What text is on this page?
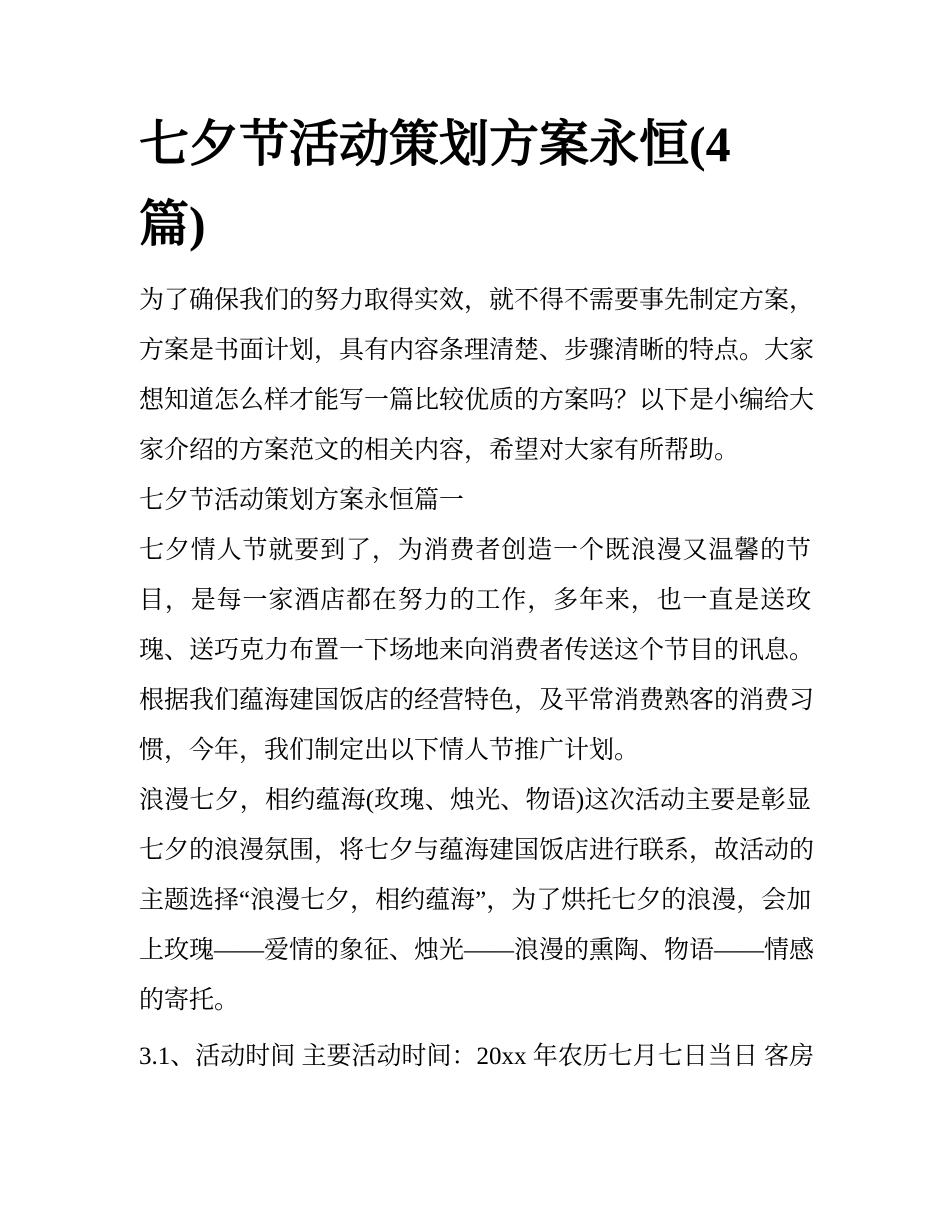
七夕节活动策划方案永恒(4
篇)
为了确保我们的努力取得实效，就不得不需要事先制定方案，
方案是书面计划，具有内容条理清楚、步骤清晰的特点。大家
想知道怎么样才能写一篇比较优质的方案吗？以下是小编给大
家介绍的方案范文的相关内容，希望对大家有所帮助。
七夕节活动策划方案永恒篇一
七夕情人节就要到了，为消费者创造一个既浪漫又温馨的节
目，是每一家酒店都在努力的工作，多年来，也一直是送玫
瑰、送巧克力布置一下场地来向消费者传送这个节目的讯息。
根据我们蕴海建国饭店的经营特色，及平常消费熟客的消费习
惯，今年，我们制定出以下情人节推广计划。
浪漫七夕，相约蕴海(玫瑰、烛光、物语)这次活动主要是彰显
七夕的浪漫氛围，将七夕与蕴海建国饭店进行联系，故活动的
主题选择“浪漫七夕，相约蕴海”，为了烘托七夕的浪漫，会加
上玫瑰——爱情的象征、烛光——浪漫的熏陶、物语——情感
的寄托。
3.1、活动时间 主要活动时间：20xx 年农历七月七日当日 客房
